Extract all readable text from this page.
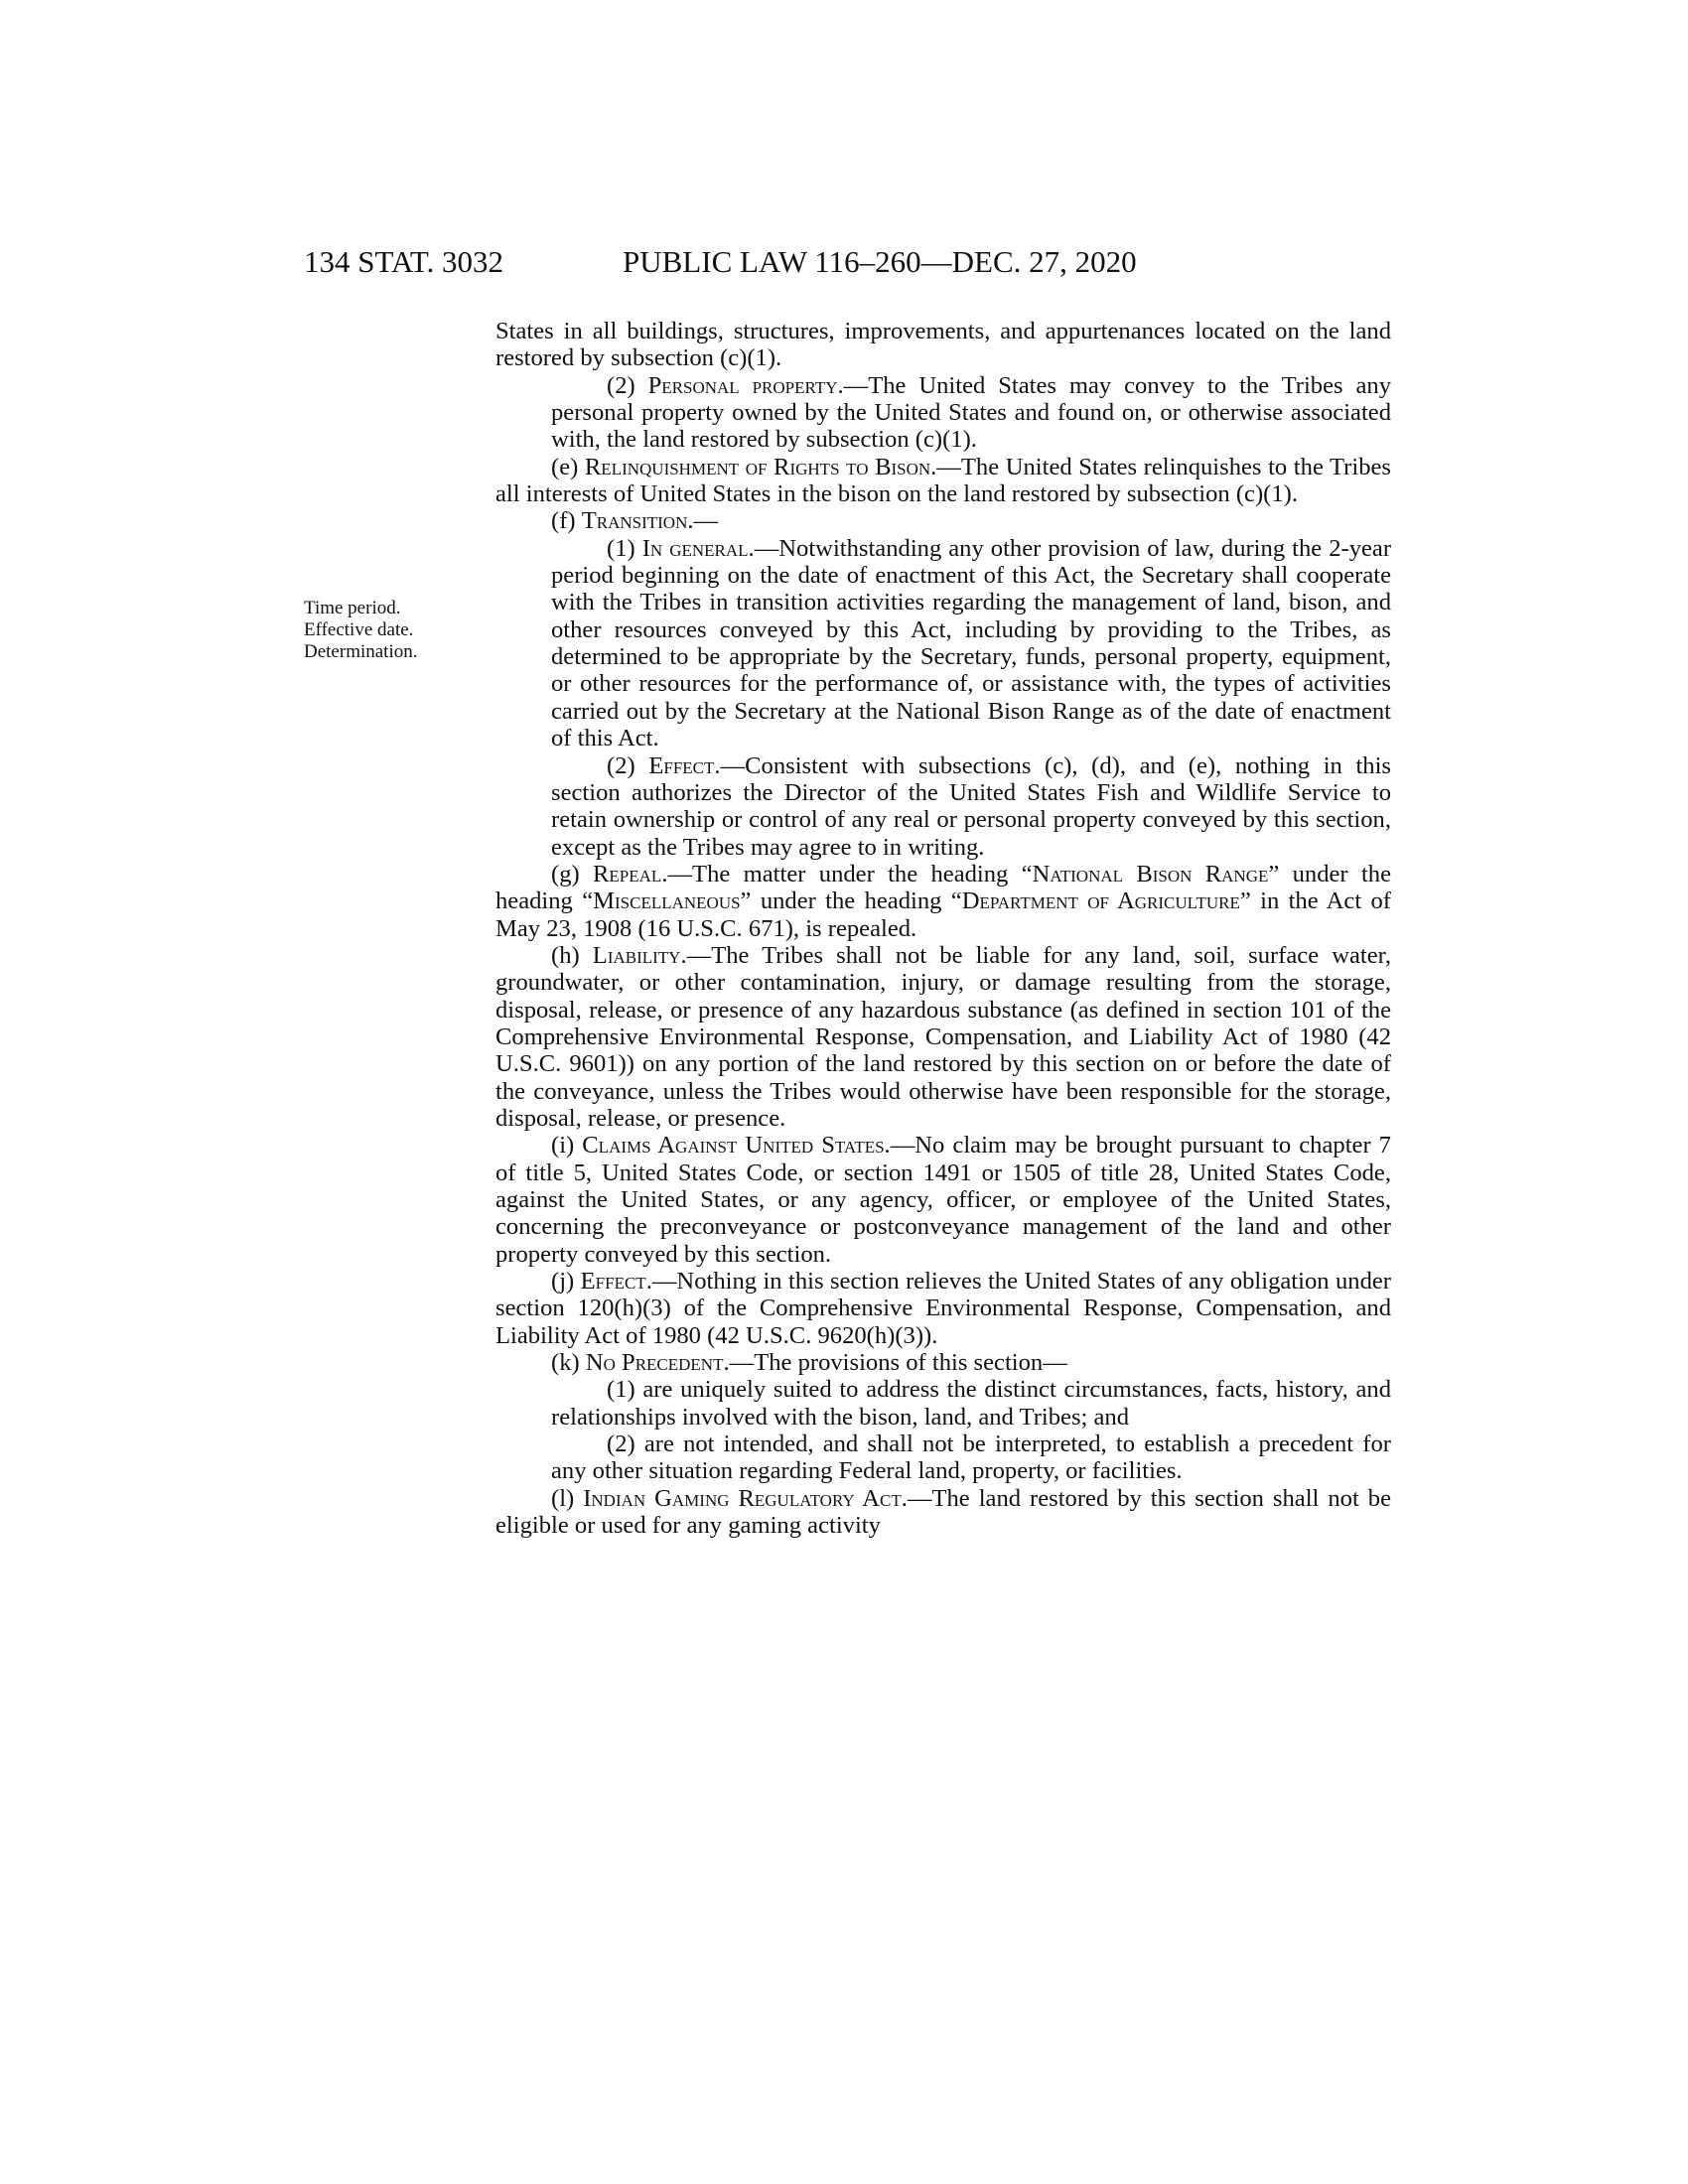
134 STAT. 3032	PUBLIC LAW 116–260—DEC. 27, 2020
Time period.
Effective date.
Determination.

States in all buildings, structures, improvements, and appurtenances located on the land restored by subsection (c)(1).

(2) Personal property.—The United States may convey to the Tribes any personal property owned by the United States and found on, or otherwise associated with, the land restored by subsection (c)(1).

(e) Relinquishment of Rights to Bison.—The United States relinquishes to the Tribes all interests of United States in the bison on the land restored by subsection (c)(1).

(f) Transition.—

(1) In general.—Notwithstanding any other provision of law, during the 2-year period beginning on the date of enactment of this Act, the Secretary shall cooperate with the Tribes in transition activities regarding the management of land, bison, and other resources conveyed by this Act, including by providing to the Tribes, as determined to be appropriate by the Secretary, funds, personal property, equipment, or other resources for the performance of, or assistance with, the types of activities carried out by the Secretary at the National Bison Range as of the date of enactment of this Act.

(2) Effect.—Consistent with subsections (c), (d), and (e), nothing in this section authorizes the Director of the United States Fish and Wildlife Service to retain ownership or control of any real or personal property conveyed by this section, except as the Tribes may agree to in writing.

(g) Repeal.—The matter under the heading “National Bison Range” under the heading “Miscellaneous” under the heading “Department of Agriculture” in the Act of May 23, 1908 (16 U.S.C. 671), is repealed.

(h) Liability.—The Tribes shall not be liable for any land, soil, surface water, groundwater, or other contamination, injury, or damage resulting from the storage, disposal, release, or presence of any hazardous substance (as defined in section 101 of the Comprehensive Environmental Response, Compensation, and Liability Act of 1980 (42 U.S.C. 9601)) on any portion of the land restored by this section on or before the date of the conveyance, unless the Tribes would otherwise have been responsible for the storage, disposal, release, or presence.

(i) Claims Against United States.—No claim may be brought pursuant to chapter 7 of title 5, United States Code, or section 1491 or 1505 of title 28, United States Code, against the United States, or any agency, officer, or employee of the United States, concerning the preconveyance or postconveyance management of the land and other property conveyed by this section.

(j) Effect.—Nothing in this section relieves the United States of any obligation under section 120(h)(3) of the Comprehensive Environmental Response, Compensation, and Liability Act of 1980 (42 U.S.C. 9620(h)(3)).

(k) No Precedent.—The provisions of this section—

(1) are uniquely suited to address the distinct circumstances, facts, history, and relationships involved with the bison, land, and Tribes; and

(2) are not intended, and shall not be interpreted, to establish a precedent for any other situation regarding Federal land, property, or facilities.

(l) Indian Gaming Regulatory Act.—The land restored by this section shall not be eligible or used for any gaming activity
